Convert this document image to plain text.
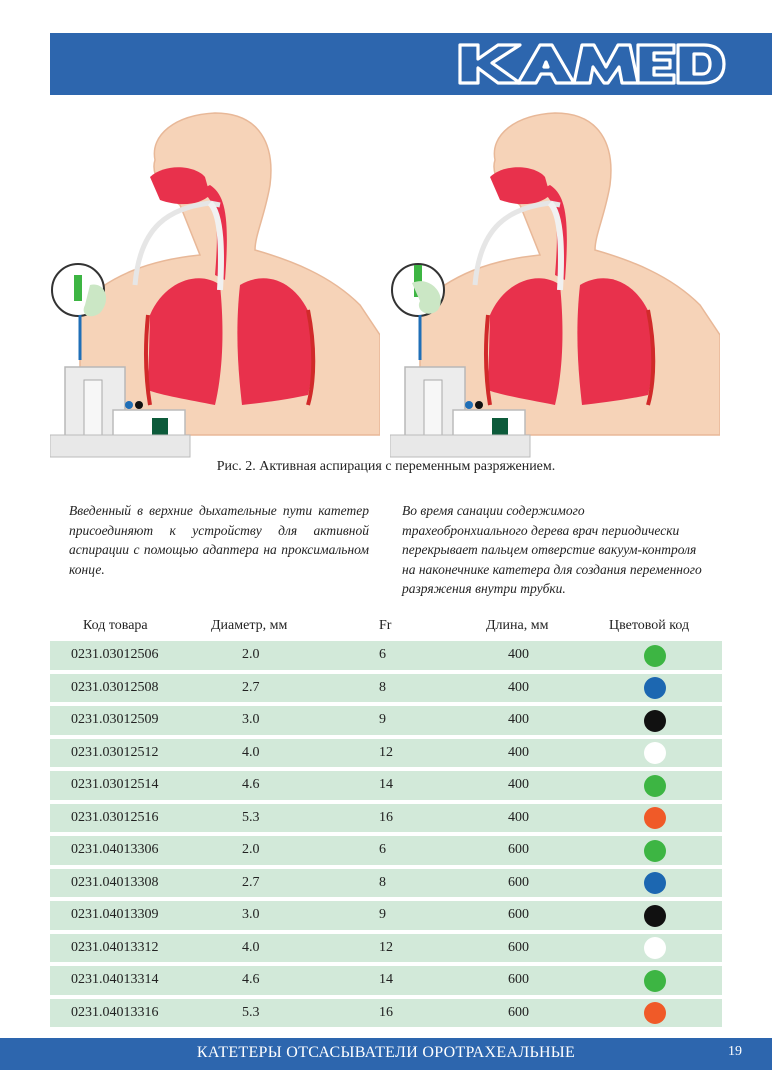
Рис. 2. Активная аспирация с переменным разряжением.
Введенный в верхние дыхательные пути катетер присоединяют к устройству для активной аспирации с помощью адаптера на проксимальном конце.
Во время санации содержимого трахеобронхиального дерева врач периодически перекрывает пальцем отверстие вакуум-контроля на наконечнике катетера для создания переменного разряжения внутри трубки.
Код товара	Диаметр, мм	Fr	Длина, мм	Цветовой код
0231.03012506	2.0	6	400
0231.03012508	2.7	8	400
0231.03012509	3.0	9	400
0231.03012512	4.0	12	400
0231.03012514	4.6	14	400
0231.03012516	5.3	16	400
0231.04013306	2.0	6	600
0231.04013308	2.7	8	600
0231.04013309	3.0	9	600
0231.04013312	4.0	12	600
0231.04013314	4.6	14	600
0231.04013316	5.3	16	600
КАТЕТЕРЫ ОТСАСЫВАТЕЛИ ОРОТРАХЕАЛЬНЫЕ	19
